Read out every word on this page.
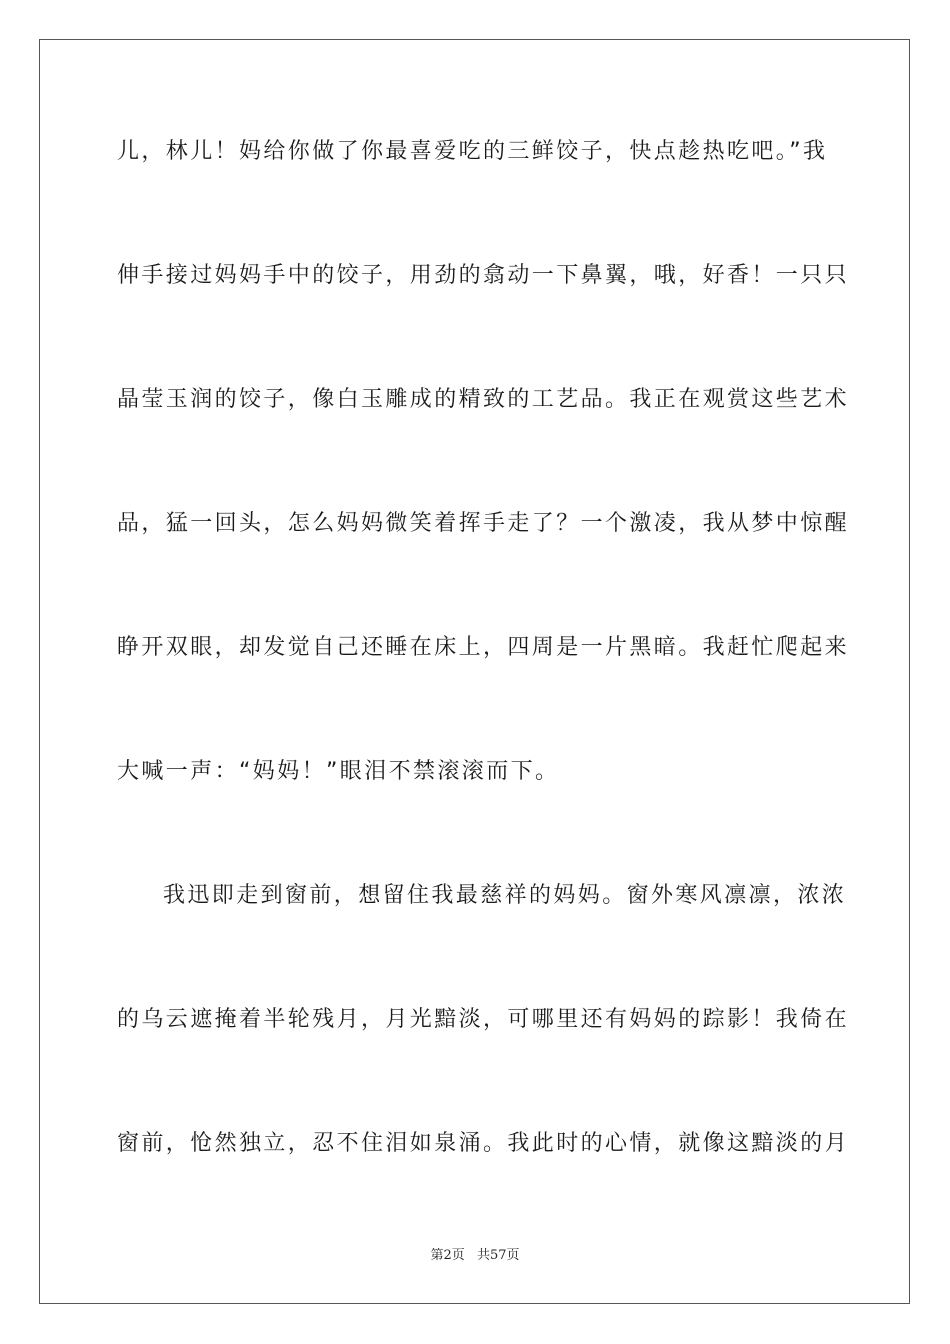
儿，林儿！妈给你做了你最喜爱吃的三鲜饺子，快点趁热吃吧。”我
伸手接过妈妈手中的饺子，用劲的翕动一下鼻翼，哦，好香！一只只
晶莹玉润的饺子，像白玉雕成的精致的工艺品。我正在观赏这些艺术
品，猛一回头，怎么妈妈微笑着挥手走了？一个激凌，我从梦中惊醒
睁开双眼，却发觉自己还睡在床上，四周是一片黑暗。我赶忙爬起来
大喊一声：“妈妈！”眼泪不禁滚滚而下。
我迅即走到窗前，想留住我最慈祥的妈妈。窗外寒风凛凛，浓浓
的乌云遮掩着半轮残月，月光黯淡，可哪里还有妈妈的踪影！我倚在
窗前，怆然独立，忍不住泪如泉涌。我此时的心情，就像这黯淡的月
第2页 共57页
